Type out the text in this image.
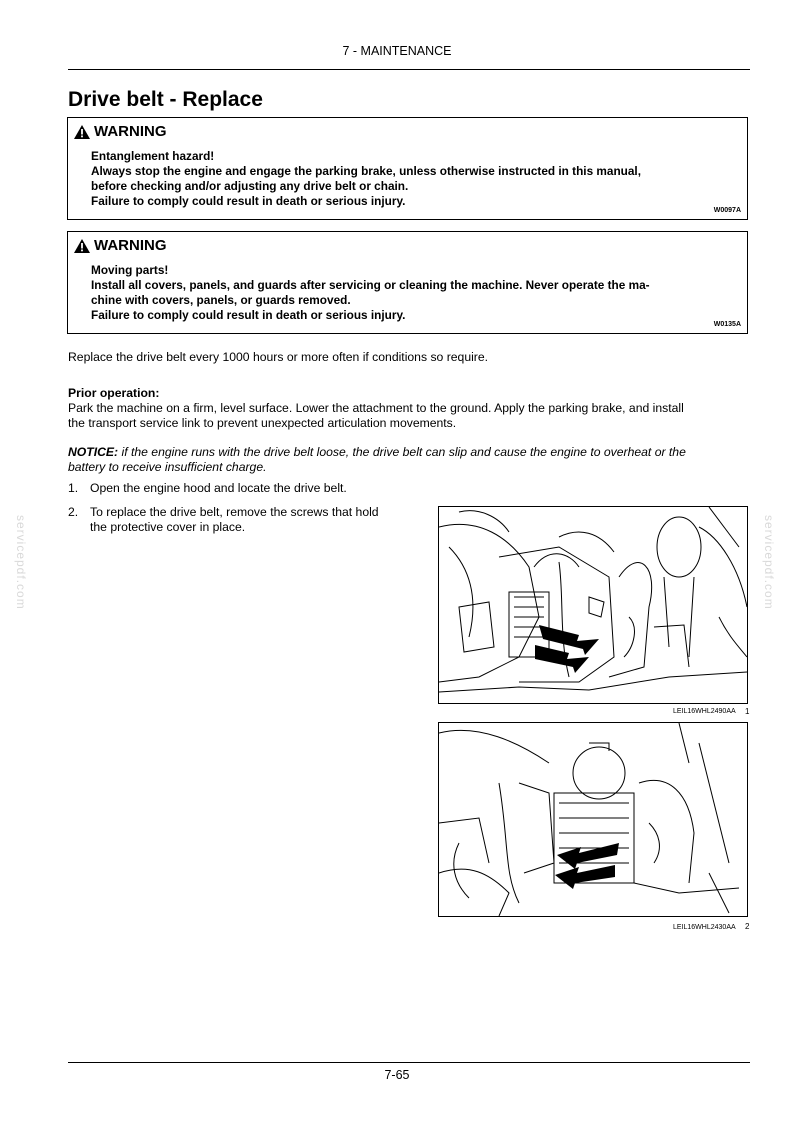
7 - MAINTENANCE
Drive belt - Replace
WARNING
Entanglement hazard!
Always stop the engine and engage the parking brake, unless otherwise instructed in this manual,
before checking and/or adjusting any drive belt or chain.
Failure to comply could result in death or serious injury.
W0097A
WARNING
Moving parts!
Install all covers, panels, and guards after servicing or cleaning the machine. Never operate the ma-
chine with covers, panels, or guards removed.
Failure to comply could result in death or serious injury.
W0135A
Replace the drive belt every 1000 hours or more often if conditions so require.
Prior operation:
Park the machine on a firm, level surface. Lower the attachment to the ground. Apply the parking brake, and install
the transport service link to prevent unexpected articulation movements.
NOTICE: if the engine runs with the drive belt loose, the drive belt can slip and cause the engine to overheat or the
battery to receive insufficient charge.
1. Open the engine hood and locate the drive belt.
2. To replace the drive belt, remove the screws that hold
the protective cover in place.
LEIL16WHL2490AA 1
LEIL16WHL2430AA 2
servicepdf.com	servicepdf.com
7-65
